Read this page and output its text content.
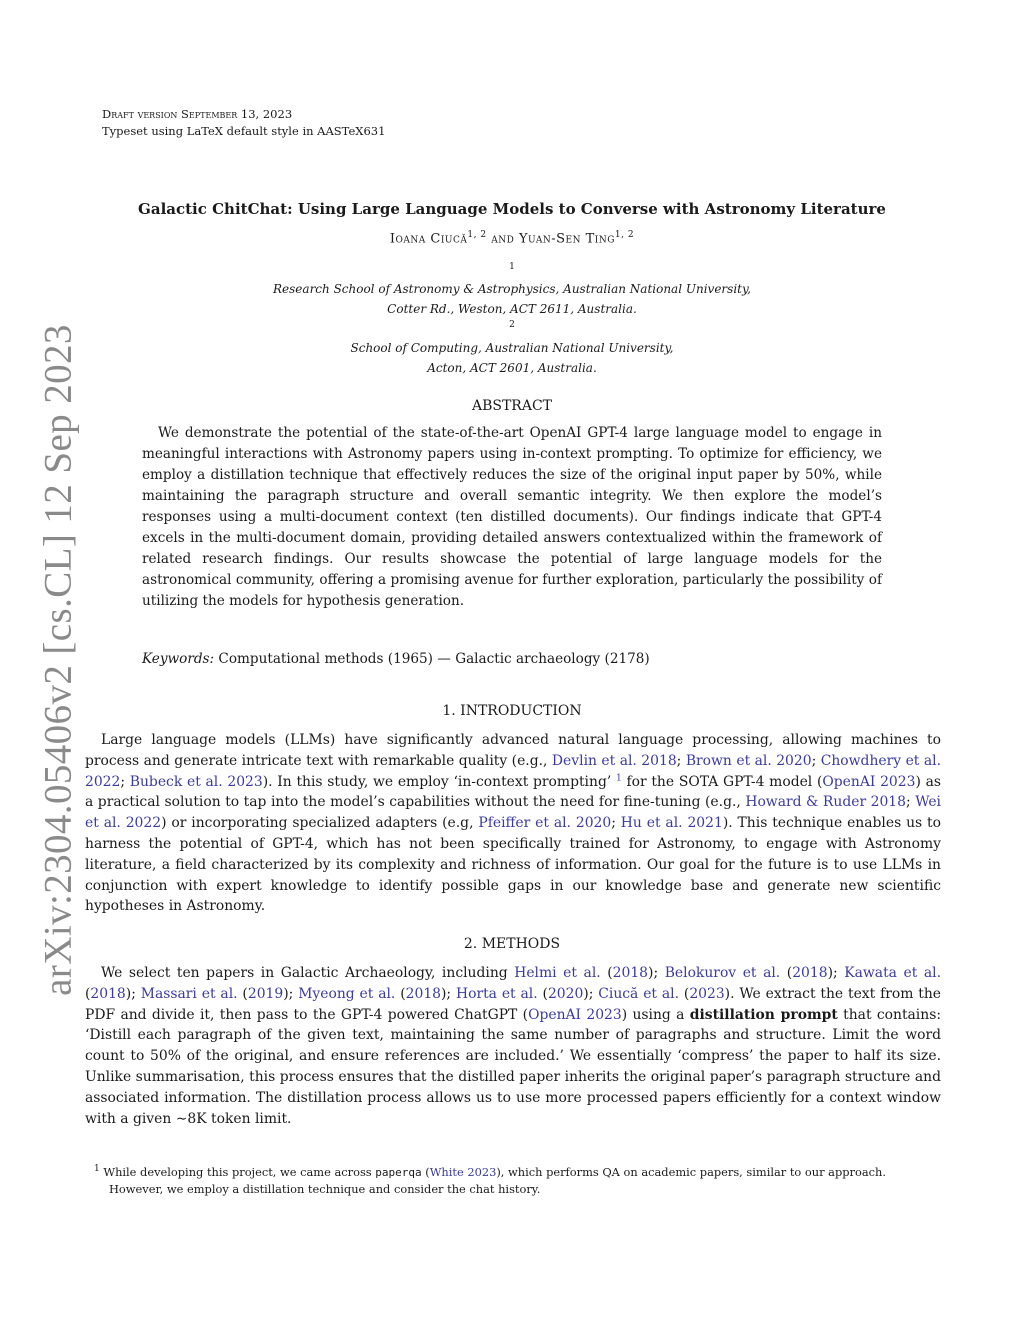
arXiv:2304.05406v2 [cs.CL] 12 Sep 2023
Draft version September 13, 2023
Typeset using LaTeX default style in AASTeX631
Galactic ChitChat: Using Large Language Models to Converse with Astronomy Literature
Ioana Ciucă$^{1, 2}$ and Yuan-Sen Ting$^{1, 2}$
1
Research School of Astronomy & Astrophysics, Australian National University,
Cotter Rd., Weston, ACT 2611, Australia.
2
School of Computing, Australian National University,
Acton, ACT 2601, Australia.
ABSTRACT

We demonstrate the potential of the state-of-the-art OpenAI GPT-4 large language model to engage in meaningful interactions with Astronomy papers using in-context prompting. To optimize for efficiency, we employ a distillation technique that effectively reduces the size of the original input paper by 50%, while maintaining the paragraph structure and overall semantic integrity. We then explore the model’s responses using a multi-document context (ten distilled documents). Our findings indicate that GPT-4 excels in the multi-document domain, providing detailed answers contextualized within the framework of related research findings. Our results showcase the potential of large language models for the astronomical community, offering a promising avenue for further exploration, particularly the possibility of utilizing the models for hypothesis generation.

Keywords: Computational methods (1965) — Galactic archaeology (2178)
1. INTRODUCTION

Large language models (LLMs) have significantly advanced natural language processing, allowing machines to process and generate intricate text with remarkable quality (e.g., Devlin et al. 2018; Brown et al. 2020; Chowdhery et al. 2022; Bubeck et al. 2023). In this study, we employ ‘in-context prompting’ $^1$ for the SOTA GPT-4 model (OpenAI 2023) as a practical solution to tap into the model’s capabilities without the need for fine-tuning (e.g., Howard & Ruder 2018; Wei et al. 2022) or incorporating specialized adapters (e.g, Pfeiffer et al. 2020; Hu et al. 2021). This technique enables us to harness the potential of GPT-4, which has not been specifically trained for Astronomy, to engage with Astronomy literature, a field characterized by its complexity and richness of information. Our goal for the future is to use LLMs in conjunction with expert knowledge to identify possible gaps in our knowledge base and generate new scientific hypotheses in Astronomy.

2. METHODS

We select ten papers in Galactic Archaeology, including Helmi et al. (2018); Belokurov et al. (2018); Kawata et al. (2018); Massari et al. (2019); Myeong et al. (2018); Horta et al. (2020); Ciucă et al. (2023). We extract the text from the PDF and divide it, then pass to the GPT-4 powered ChatGPT (OpenAI 2023) using a distillation prompt that contains: ‘Distill each paragraph of the given text, maintaining the same number of paragraphs and structure. Limit the word count to 50% of the original, and ensure references are included.’ We essentially ‘compress’ the paper to half its size. Unlike summarisation, this process ensures that the distilled paper inherits the original paper’s paragraph structure and associated information. The distillation process allows us to use more processed papers efficiently for a context window with a given ∼8K token limit.

$^1$ While developing this project, we came across paperqa (White 2023), which performs QA on academic papers, similar to our approach.

However, we employ a distillation technique and consider the chat history.
